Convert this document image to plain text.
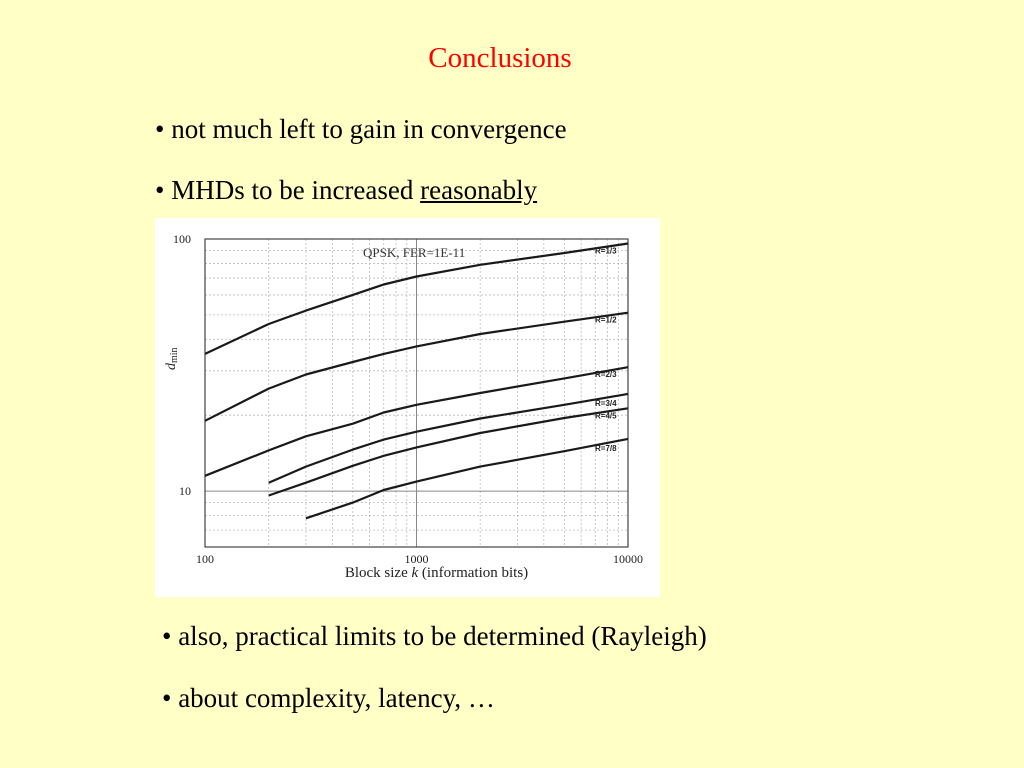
Conclusions
• not much left to gain in convergence
• MHDs to be increased reasonably
100	1000	10000
100
10
R=1/3
R=1/2
R=2/3
R=3/4
R=4/5
R=7/8
QPSK, FER=1E-11
Block size k (information bits)
dmin
• also, practical limits to be determined (Rayleigh)
• about complexity, latency, …
